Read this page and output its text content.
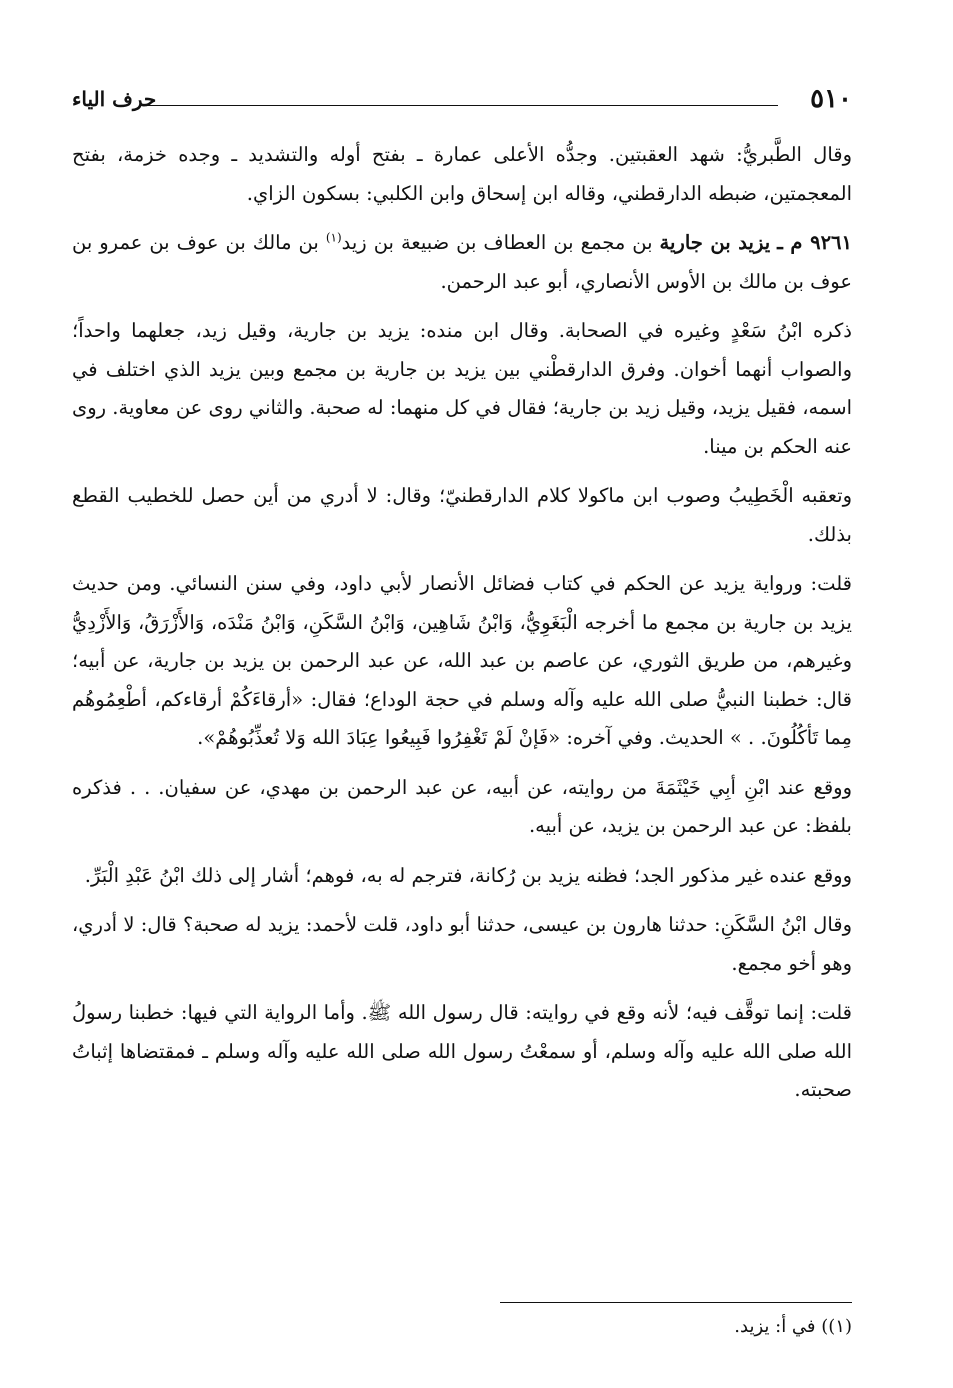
٥١٠
حرف الياء

وقال الطَّبريُّ: شهد العقبتين. وجدُّه الأعلى عمارة ـ بفتح أوله والتشديد ـ وجده خزمة، بفتح المعجمتين، ضبطه الدارقطني، وقاله ابن إسحاق وابن الكلبي: بسكون الزاي.

٩٢٦١ م ـ يزيد بن جارية بن مجمع بن العطاف بن ضبيعة بن زيد$^{(١)}$ بن مالك بن عوف بن عمرو بن عوف بن مالك بن الأوس الأنصاري، أبو عبد الرحمن.

ذكره ابْنُ سَعْدٍ وغيره في الصحابة. وقال ابن منده: يزيد بن جارية، وقيل زيد، جعلهما واحداً؛ والصواب أنهما أخوان. وفرق الدارقطْني بين يزيد بن جارية بن مجمع وبين يزيد الذي اختلف في اسمه، فقيل يزيد، وقيل زيد بن جارية؛ فقال في كل منهما: له صحبة. والثاني روى عن معاوية. روى عنه الحكم بن مينا.

وتعقبه الْخَطِيبُ وصوب ابن ماكولا كلام الدارقطنيّ؛ وقال: لا أدري من أين حصل للخطيب القطع بذلك.

قلت: ورواية يزيد عن الحكم في كتاب فضائل الأنصار لأبي داود، وفي سنن النسائي. ومن حديث يزيد بن جارية بن مجمع ما أخرجه الْبَغَوِيُّ، وَابْنُ شَاهِين، وَابْنُ السَّكَنِ، وَابْنُ مَنْدَه، وَالأَزْرَقُ، وَالأَزْدِيُّ وغيرهم، من طريق الثوري، عن عاصم بن عبد الله، عن عبد الرحمن بن يزيد بن جارية، عن أبيه؛ قال: خطبنا النبيُّ صلى الله عليه وآله وسلم في حجة الوداع؛ فقال: «أرقاءَكُمْ أرقاءكم، أطْعِمُوهُم مِما تَأكُلُونَ. . » الحديث. وفي آخره: «فَإنْ لَمْ تَغْفِرُوا فَبِيعُوا عِبَادَ الله وَلا تُعذِّبُوهُمْ».

ووقع عند ابْنِ أبِي خَيْثَمَةَ من روايته، عن أبيه، عن عبد الرحمن بن مهدي، عن سفيان. . . فذكره بلفظ: عن عبد الرحمن بن يزيد، عن أبيه.

ووقع عنده غير مذكور الجد؛ فظنه يزيد بن رُكانة، فترجم له به، فوهم؛ أشار إلى ذلك ابْنُ عَبْدِ الْبَرِّ.

وقال ابْنُ السَّكَنِ: حدثنا هارون بن عيسى، حدثنا أبو داود، قلت لأحمد: يزيد له صحبة؟ قال: لا أدري، وهو أخو مجمع.

قلت: إنما توقَّف فيه؛ لأنه وقع في روايته: قال رسول الله ﷺ. وأما الرواية التي فيها: خطبنا رسولُ الله صلى الله عليه وآله وسلم، أو سمعْتُ رسول الله صلى الله عليه وآله وسلم ـ فمقتضاها إثباتُ صحبته.

(١)) في أ: يزيد.
